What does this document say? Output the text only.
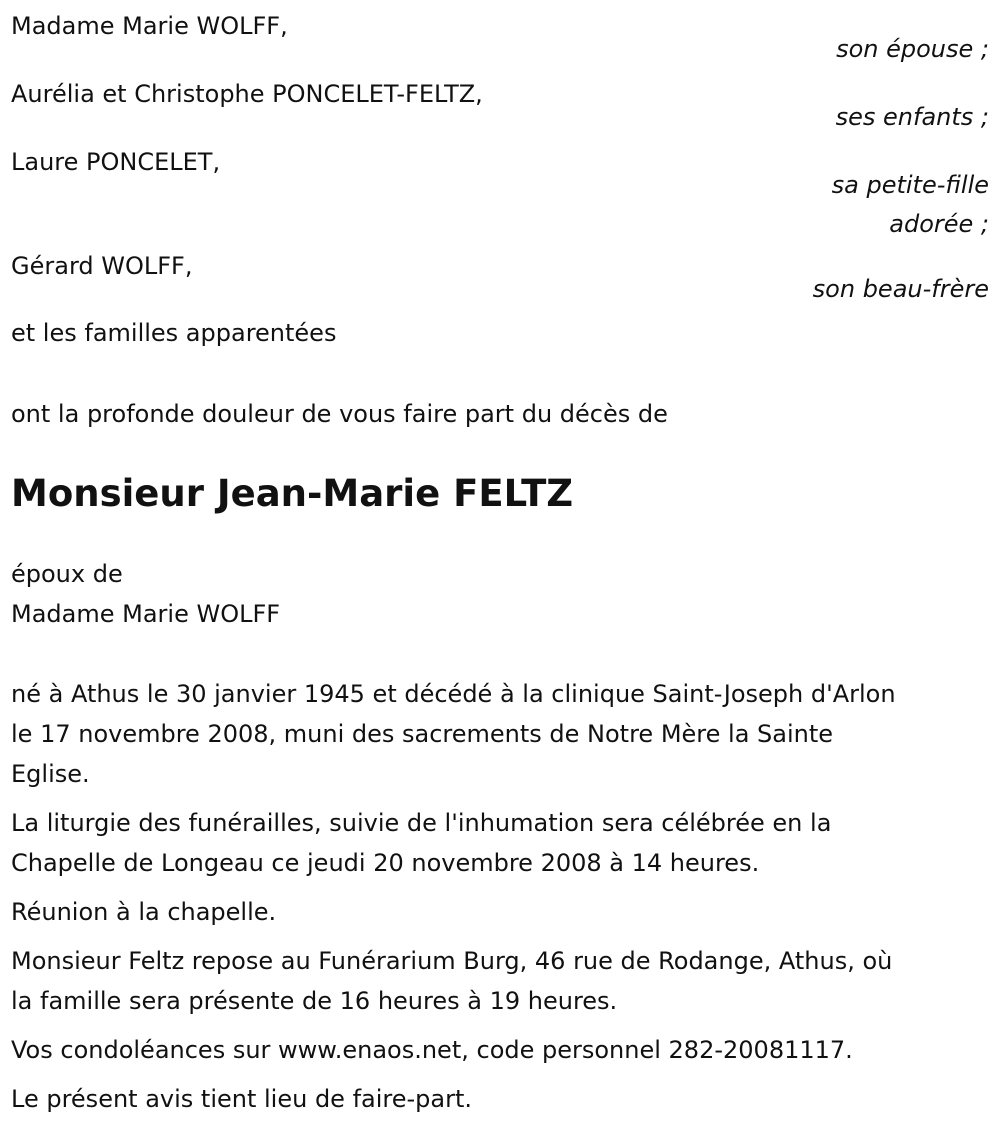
Madame Marie WOLFF,
son épouse ;
Aurélia et Christophe PONCELET-FELTZ,
ses enfants ;
Laure PONCELET,
sa petite-fille
adorée ;
Gérard WOLFF,
son beau-frère
et les familles apparentées
ont la profonde douleur de vous faire part du décès de
Monsieur Jean-Marie FELTZ
époux de
Madame Marie WOLFF
né à Athus le 30 janvier 1945 et décédé à la clinique Saint-Joseph d'Arlon
le 17 novembre 2008, muni des sacrements de Notre Mère la Sainte
Eglise.
La liturgie des funérailles, suivie de l'inhumation sera célébrée en la
Chapelle de Longeau ce jeudi 20 novembre 2008 à 14 heures.
Réunion à la chapelle.
Monsieur Feltz repose au Funérarium Burg, 46 rue de Rodange, Athus, où
la famille sera présente de 16 heures à 19 heures.
Vos condoléances sur www.enaos.net, code personnel 282-20081117.
Le présent avis tient lieu de faire-part.
